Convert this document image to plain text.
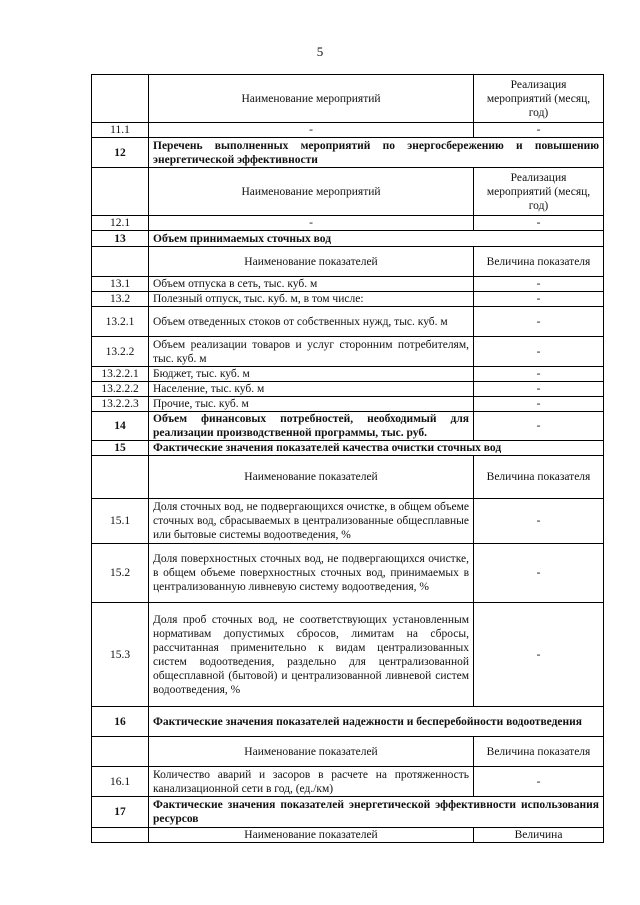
5
	Наименование мероприятий	Реализация мероприятий (месяц, год)
11.1	-	-
12	Перечень выполненных мероприятий по энергосбережению и повышению энергетической эффективности	
	Наименование мероприятий	Реализация мероприятий (месяц, год)
12.1	-	-
13	Объем принимаемых сточных вод	
	Наименование показателей	Величина показателя
13.1	Объем отпуска в сеть, тыс. куб. м	-
13.2	Полезный отпуск, тыс. куб. м, в том числе:	-
13.2.1	Объем отведенных стоков от собственных нужд, тыс. куб. м	-
13.2.2	Объем реализации товаров и услуг сторонним потребителям, тыс. куб. м	-
13.2.2.1	Бюджет, тыс. куб. м	-
13.2.2.2	Население, тыс. куб. м	-
13.2.2.3	Прочие, тыс. куб. м	-
14	Объем финансовых потребностей, необходимый для реализации производственной программы, тыс. руб.	-
15	Фактические значения показателей качества очистки сточных вод	
	Наименование показателей	Величина показателя
15.1	Доля сточных вод, не подвергающихся очистке, в общем объеме сточных вод, сбрасываемых в централизованные общесплавные или бытовые системы водоотведения, %	-
15.2	Доля поверхностных сточных вод, не подвергающихся очистке, в общем объеме поверхностных сточных вод, принимаемых в централизованную ливневую систему водоотведения, %	-
15.3	Доля проб сточных вод, не соответствующих установленным нормативам допустимых сбросов, лимитам на сбросы, рассчитанная применительно к видам централизованных систем водоотведения, раздельно для централизованной общесплавной (бытовой) и централизованной ливневой систем водоотведения, %	-
16	Фактические значения показателей надежности и бесперебойности водоотведения	
	Наименование показателей	Величина показателя
16.1	Количество аварий и засоров в расчете на протяженность канализационной сети в год, (ед./км)	-
17	Фактические значения показателей энергетической эффективности использования ресурсов	
	Наименование показателей	Величина
